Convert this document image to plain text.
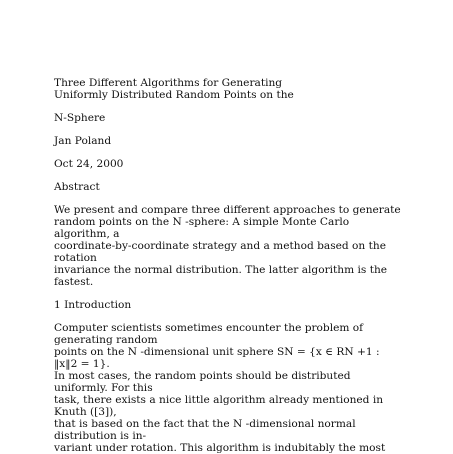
Three Different Algorithms for Generating
Uniformly Distributed Random Points on the
N-Sphere
Jan Poland
Oct 24, 2000
Abstract
We present and compare three different approaches to generate
random points on the N -sphere: A simple Monte Carlo
algorithm, a
coordinate-by-coordinate strategy and a method based on the
rotation
invariance the normal distribution. The latter algorithm is the
fastest.
1 Introduction
Computer scientists sometimes encounter the problem of
generating random
points on the N -dimensional unit sphere SN = {x ∈ RN +1 :
‖x‖2 = 1}.
In most cases, the random points should be distributed
uniformly. For this
task, there exists a nice little algorithm already mentioned in
Knuth ([3]),
that is based on the fact that the N -dimensional normal
distribution is in-
variant under rotation. This algorithm is indubitably the most
